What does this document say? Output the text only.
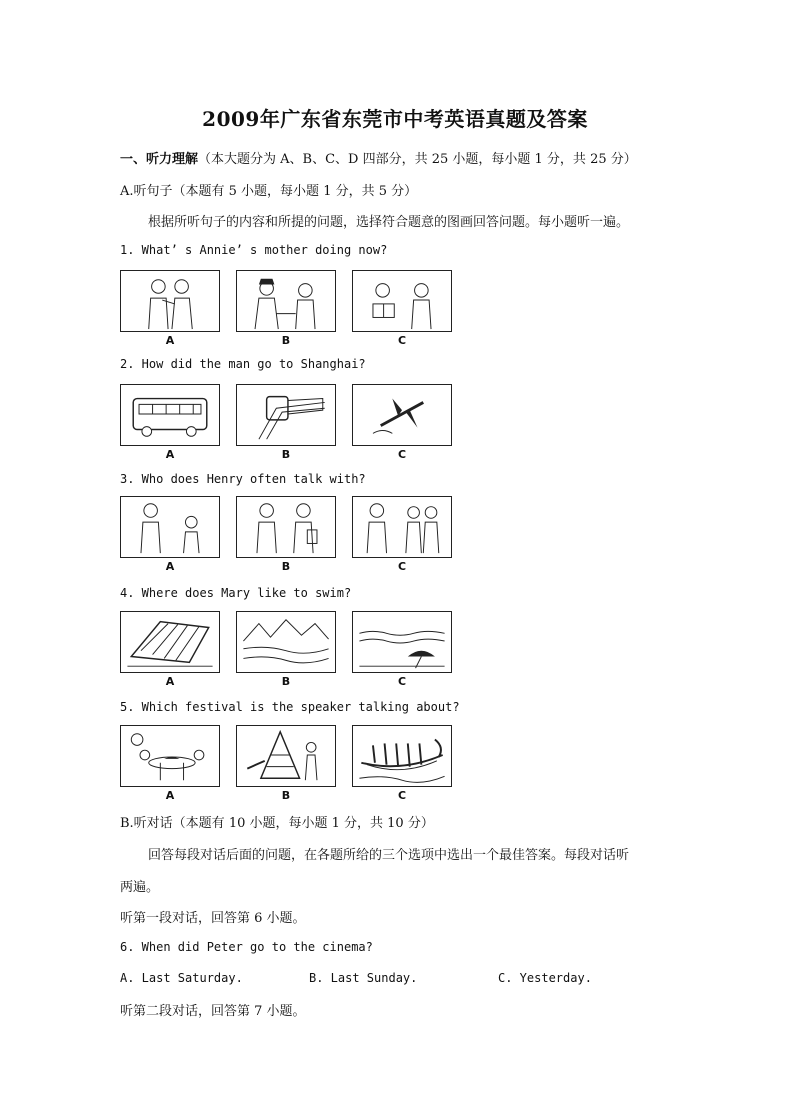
2009年广东省东莞市中考英语真题及答案
一、听力理解（本大题分为 A、B、C、D 四部分，共 25 小题，每小题 1 分，共 25 分）
A.听句子（本题有 5 小题，每小题 1 分，共 5 分）
根据所听句子的内容和所提的问题，选择符合题意的图画回答问题。每小题听一遍。
1. What’ s Annie’ s mother doing now?
A	B	C
2. How did the man go to Shanghai?
A	B	C
3. Who does Henry often talk with?
A	B	C
4. Where does Mary like to swim?
A	B	C
5. Which festival is the speaker talking about?
A	B	C
B.听对话（本题有 10 小题，每小题 1 分，共 10 分）
回答每段对话后面的问题，在各题所给的三个选项中选出一个最佳答案。每段对话听
两遍。
听第一段对话，回答第 6 小题。
6. When did Peter go to the cinema?
A. Last Saturday.	B. Last Sunday.	C. Yesterday.
听第二段对话，回答第 7 小题。
